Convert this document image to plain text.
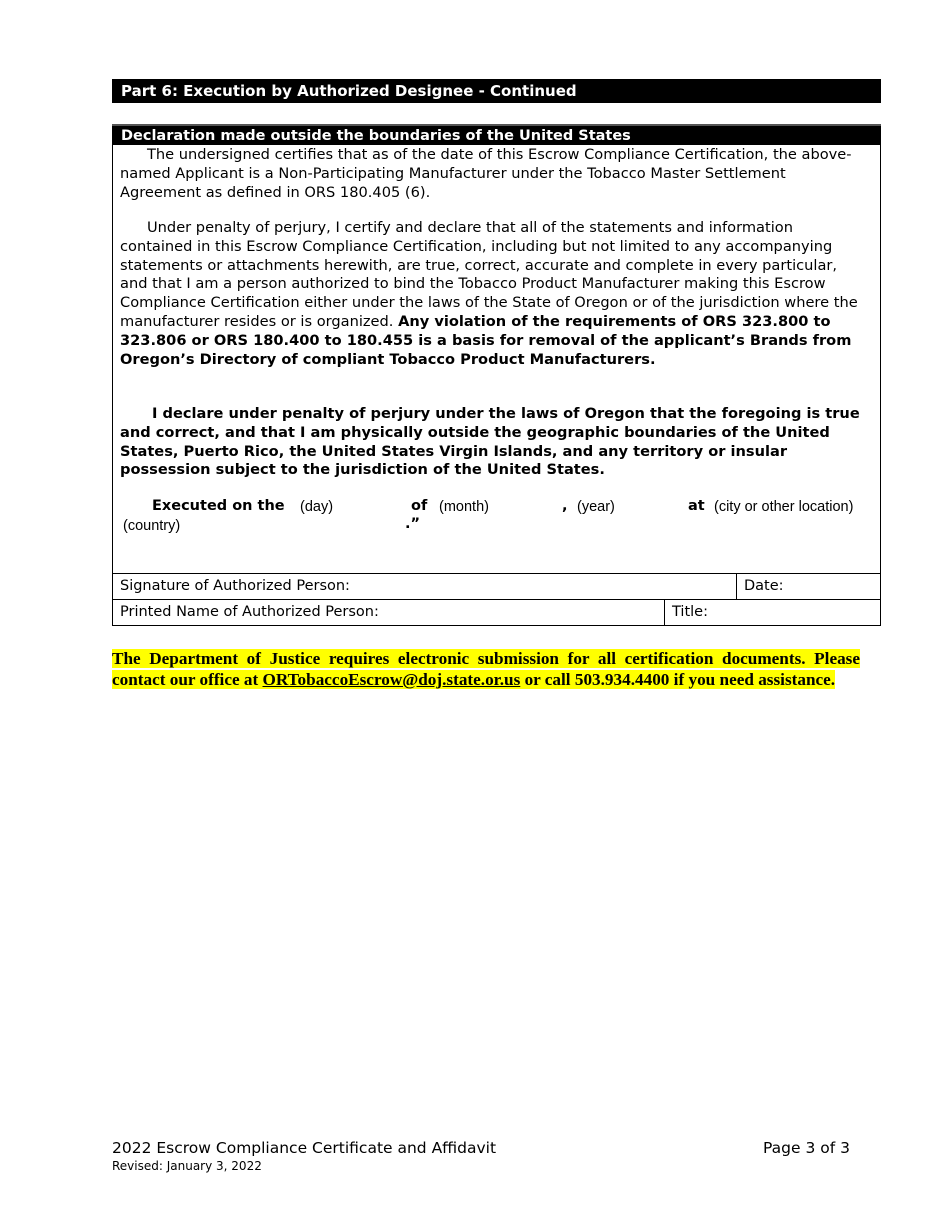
Part 6: Execution by Authorized Designee - Continued
Declaration made outside the boundaries of the United States
The undersigned certifies that as of the date of this Escrow Compliance Certification, the above-named Applicant is a Non-Participating Manufacturer under the Tobacco Master Settlement Agreement as defined in ORS 180.405 (6).
Under penalty of perjury, I certify and declare that all of the statements and information contained in this Escrow Compliance Certification, including but not limited to any accompanying statements or attachments herewith, are true, correct, accurate and complete in every particular, and that I am a person authorized to bind the Tobacco Product Manufacturer making this Escrow Compliance Certification either under the laws of the State of Oregon or of the jurisdiction where the manufacturer resides or is organized. Any violation of the requirements of ORS 323.800 to 323.806 or ORS 180.400 to 180.455 is a basis for removal of the applicant’s Brands from Oregon’s Directory of compliant Tobacco Product Manufacturers.
I declare under penalty of perjury under the laws of Oregon that the foregoing is true and correct, and that I am physically outside the geographic boundaries of the United States, Puerto Rico, the United States Virgin Islands, and any territory or insular possession subject to the jurisdiction of the United States.
Executed on the (day)	of (month)	, (year)	at (city or other location)
(country)	.”
Signature of Authorized Person:	Date:
Printed Name of Authorized Person:	Title:
The Department of Justice requires electronic submission for all certification documents. Please contact our office at ORTobaccoEscrow@doj.state.or.us or call 503.934.4400 if you need assistance.
2022 Escrow Compliance Certificate and Affidavit
Revised: January 3, 2022
Page 3 of 3
